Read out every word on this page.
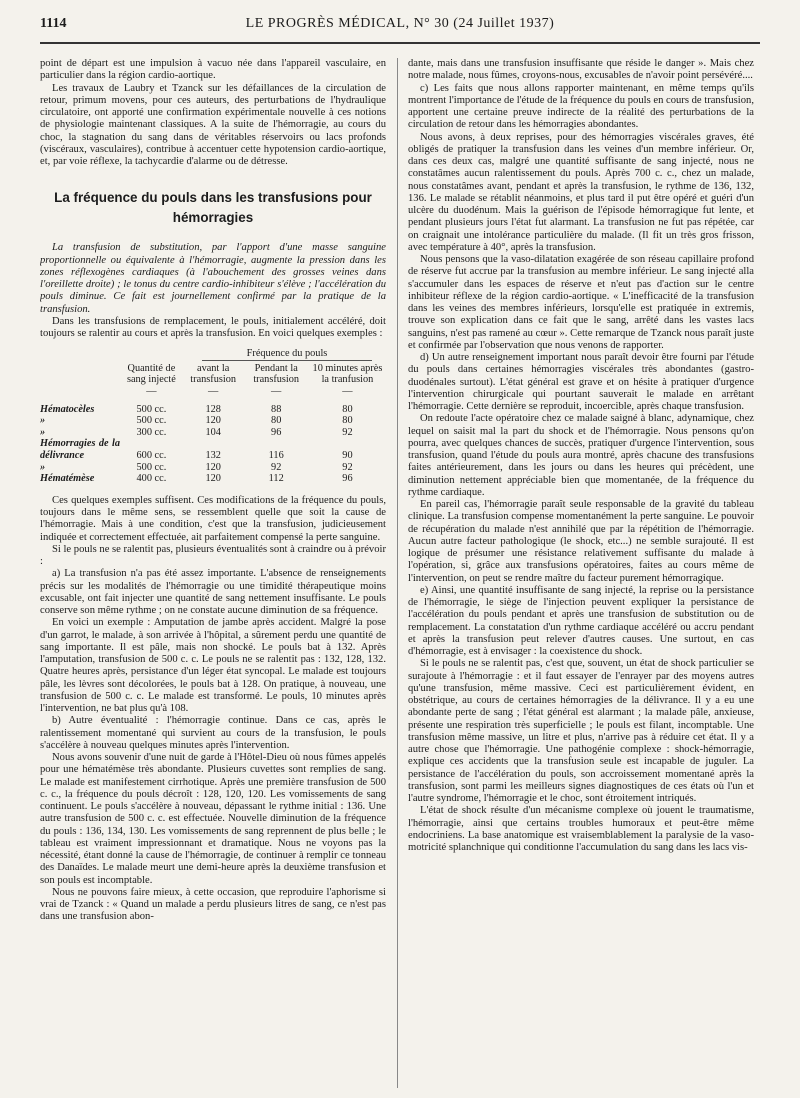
1114	LE PROGRÈS MÉDICAL, N° 30 (24 Juillet 1937)

point de départ est une impulsion à vacuo née dans l'appareil vasculaire, en particulier dans la région cardio-aortique.

Les travaux de Laubry et Tzanck sur les défaillances de la circulation de retour, primum movens, pour ces auteurs, des perturbations de l'hydraulique circulatoire, ont apporté une confirmation expérimentale nouvelle à ces notions de physiologie maintenant classiques. A la suite de l'hémorragie, au cours du choc, la stagnation du sang dans de véritables réservoirs ou lacs profonds (viscéraux, vasculaires), contribue à accentuer cette hypotension cardio-aortique, et, par voie réflexe, la tachycardie d'alarme ou de détresse.

La fréquence du pouls dans les transfusions pour hémorragies

La transfusion de substitution, par l'apport d'une masse sanguine proportionnelle ou équivalente à l'hémorragie, augmente la pression dans les zones réflexogènes cardiaques (à l'abouchement des grosses veines dans l'oreillette droite) ; le tonus du centre cardio-inhibiteur s'élève ; l'accélération du pouls diminue. Ce fait est journellement confirmé par la pratique de la transfusion.

Dans les transfusions de remplacement, le pouls, initialement accéléré, doit toujours se ralentir au cours et après la transfusion. En voici quelques exemples :

Fréquence du pouls
	Quantité de sang injecté	avant la transfusion	Pendant la transfusion	10 minutes après la tranfusion
	—	—	—	—
Hématocèles	500 cc.	128	88	80
»	500 cc.	120	80	80
»	300 cc.	104	96	92
Hémorragies de la délivrance	600 cc.	132	116	90
»	500 cc.	120	92	92
Hématémèse	400 cc.	120	112	96

Ces quelques exemples suffisent. Ces modifications de la fréquence du pouls, toujours dans le même sens, se ressemblent quelle que soit la cause de l'hémorragie. Mais à une condition, c'est que la transfusion, judicieusement indiquée et correctement effectuée, ait parfaitement compensé la perte sanguine.

Si le pouls ne se ralentit pas, plusieurs éventualités sont à craindre ou à prévoir :

a) La transfusion n'a pas été assez importante. L'absence de renseignements précis sur les modalités de l'hémorragie ou une timidité thérapeutique moins excusable, ont fait injecter une quantité de sang nettement insuffisante. Le pouls conserve son même rythme ; on ne constate aucune diminution de sa fréquence.

En voici un exemple : Amputation de jambe après accident. Malgré la pose d'un garrot, le malade, à son arrivée à l'hôpital, a sûrement perdu une quantité de sang importante. Il est pâle, mais non shocké. Le pouls bat à 132. Après l'amputation, transfusion de 500 c. c. Le pouls ne se ralentit pas : 132, 128, 132. Quatre heures après, persistance d'un léger état syncopal. Le malade est toujours pâle, les lèvres sont décolorées, le pouls bat à 128. On pratique, à nouveau, une transfusion de 500 c. c. Le malade est transformé. Le pouls, 10 minutes après l'intervention, ne bat plus qu'à 108.

b) Autre éventualité : l'hémorragie continue. Dans ce cas, après le ralentissement momentané qui survient au cours de la transfusion, le pouls s'accélère à nouveau quelques minutes après l'intervention.

Nous avons souvenir d'une nuit de garde à l'Hôtel-Dieu où nous fûmes appelés pour une hématémèse très abondante. Plusieurs cuvettes sont remplies de sang. Le malade est manifestement cirrhotique. Après une première transfusion de 500 c. c., la fréquence du pouls décroît : 128, 120, 120. Les vomissements de sang continuent. Le pouls s'accélère à nouveau, dépassant le rythme initial : 136. Une autre transfusion de 500 c. c. est effectuée. Nouvelle diminution de la fréquence du pouls : 136, 134, 130. Les vomissements de sang reprennent de plus belle ; le tableau est vraiment impressionnant et dramatique. Nous ne voyons pas la nécessité, étant donné la cause de l'hémorragie, de continuer à remplir ce tonneau des Danaïdes. Le malade meurt une demi-heure après la deuxième transfusion et son pouls est incomptable.

Nous ne pouvons faire mieux, à cette occasion, que reproduire l'aphorisme si vrai de Tzanck : « Quand un malade a perdu plusieurs litres de sang, ce n'est pas dans une transfusion abon-

dante, mais dans une transfusion insuffisante que réside le danger ». Mais chez notre malade, nous fûmes, croyons-nous, excusables de n'avoir point persévéré....

c) Les faits que nous allons rapporter maintenant, en même temps qu'ils montrent l'importance de l'étude de la fréquence du pouls en cours de transfusion, apportent une certaine preuve indirecte de la réalité des perturbations de la circulation de retour dans les hémorragies abondantes.

Nous avons, à deux reprises, pour des hémorragies viscérales graves, été obligés de pratiquer la transfusion dans les veines d'un membre inférieur. Or, dans ces deux cas, malgré une quantité suffisante de sang injecté, nous ne constatâmes aucun ralentissement du pouls. Après 700 c. c., chez un malade, nous constatâmes avant, pendant et après la transfusion, le rythme de 136, 132, 136. Le malade se rétablit néanmoins, et plus tard il put être opéré et guéri d'un ulcère du duodénum. Mais la guérison de l'épisode hémorragique fut lente, et pendant plusieurs jours l'état fut alarmant. La transfusion ne fut pas répétée, car on craignait une intolérance particulière du malade. (Il fit un très gros frisson, avec température à 40°, après la transfusion.

Nous pensons que la vaso-dilatation exagérée de son réseau capillaire profond de réserve fut accrue par la transfusion au membre inférieur. Le sang injecté alla s'accumuler dans les espaces de réserve et n'eut pas d'action sur le centre inhibiteur réflexe de la région cardio-aortique. « L'inefficacité de la transfusion dans les veines des membres inférieurs, lorsqu'elle est pratiquée in extremis, trouve son explication dans ce fait que le sang, arrêté dans les vastes lacs sanguins, n'est pas ramené au cœur ». Cette remarque de Tzanck nous paraît juste et confirmée par l'observation que nous venons de rapporter.

d) Un autre renseignement important nous paraît devoir être fourni par l'étude du pouls dans certaines hémorragies viscérales très abondantes (gastro-duodénales surtout). L'état général est grave et on hésite à pratiquer d'urgence l'intervention chirurgicale qui pourtant sauverait le malade en arrêtant l'hémorragie. Cette dernière se reproduit, incoercible, après chaque transfusion.

On redoute l'acte opératoire chez ce malade saigné à blanc, adynamique, chez lequel on saisit mal la part du shock et de l'hémorragie. Nous pensons qu'on pourra, avec quelques chances de succès, pratiquer d'urgence l'intervention, sous transfusion, quand l'étude du pouls aura montré, après chacune des transfusions faites antérieurement, dans les jours ou dans les heures qui précèdent, une diminution nettement appréciable bien que momentanée, de la fréquence du rythme cardiaque.

En pareil cas, l'hémorragie paraît seule responsable de la gravité du tableau clinique. La transfusion compense momentanément la perte sanguine. Le pouvoir de récupération du malade n'est annihilé que par la répétition de l'hémorragie. Aucun autre facteur pathologique (le shock, etc...) ne semble surajouté. Il est logique de présumer une résistance relativement suffisante du malade à l'opération, si, grâce aux transfusions opératoires, faites au cours même de l'intervention, on peut se rendre maître du facteur purement hémorragique.

e) Ainsi, une quantité insuffisante de sang injecté, la reprise ou la persistance de l'hémorragie, le siège de l'injection peuvent expliquer la persistance de l'accélération du pouls pendant et après une transfusion de substitution ou de remplacement. La constatation d'un rythme cardiaque accéléré ou accru pendant et après la transfusion peut relever d'autres causes. Une surtout, en cas d'hémorragie, est à envisager : la coexistence du shock.

Si le pouls ne se ralentit pas, c'est que, souvent, un état de shock particulier se surajoute à l'hémorragie : et il faut essayer de l'enrayer par des moyens autres qu'une transfusion, même massive. Ceci est particulièrement évident, en obstétrique, au cours de certaines hémorragies de la délivrance. Il y a eu une abondante perte de sang ; l'état général est alarmant ; la malade pâle, anxieuse, présente une respiration très superficielle ; le pouls est filant, incomptable. Une transfusion même massive, un litre et plus, n'arrive pas à réduire cet état. Il y a autre chose que l'hémorragie. Une pathogénie complexe : shock-hémorragie, explique ces accidents que la transfusion seule est incapable de juguler. La persistance de l'accélération du pouls, son accroissement momentané après la transfusion, sont parmi les meilleurs signes diagnostiques de ces états où l'un et l'autre syndrome, l'hémorragie et le choc, sont étroitement intriqués.

L'état de shock résulte d'un mécanisme complexe où jouent le traumatisme, l'hémorragie, ainsi que certains troubles humoraux et peut-être même endocriniens. La base anatomique est vraisemblablement la paralysie de la vaso-motricité splanchnique qui conditionne l'accumulation du sang dans les lacs vis-
